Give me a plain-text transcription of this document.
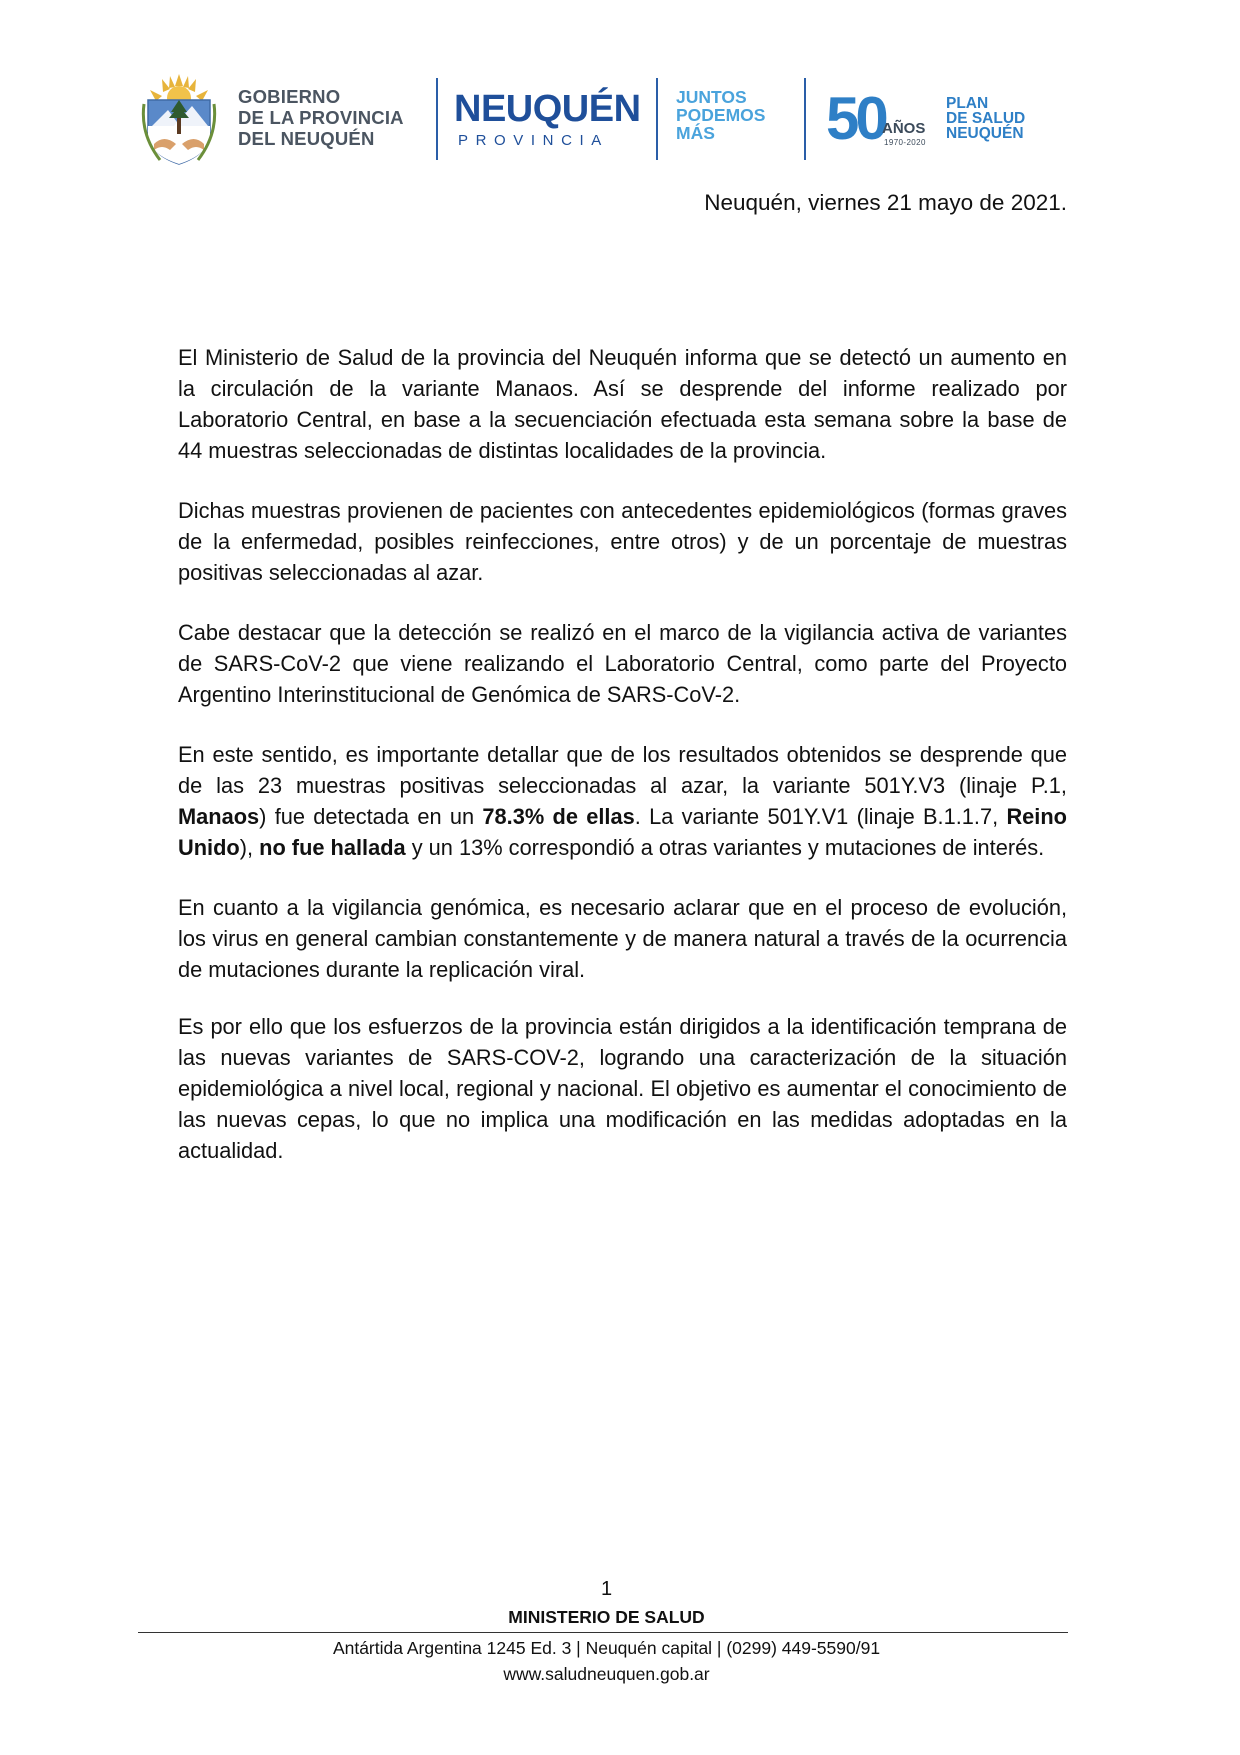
GOBIERNO
DE LA PROVINCIA
DEL NEUQUÉN
NEUQUÉN
PROVINCIA
JUNTOS
PODEMOS
MÁS	50
AÑOS
1970-2020
PLAN
DE SALUD
NEUQUÉN
Neuquén, viernes 21 mayo de 2021.

El Ministerio de Salud de la provincia del Neuquén informa que se detectó un aumento en la circulación de la variante Manaos. Así se desprende del informe realizado por Laboratorio Central, en base a la secuenciación efectuada esta semana sobre la base de 44 muestras seleccionadas de distintas localidades de la provincia.

Dichas muestras provienen de pacientes con antecedentes epidemiológicos (formas graves de la enfermedad, posibles reinfecciones, entre otros) y de un porcentaje de muestras positivas seleccionadas al azar.

Cabe destacar que la detección se realizó en el marco de la vigilancia activa de variantes de SARS-CoV-2 que viene realizando el Laboratorio Central, como parte del Proyecto Argentino Interinstitucional de Genómica de SARS-CoV-2.

En este sentido, es importante detallar que de los resultados obtenidos se desprende que de las 23 muestras positivas seleccionadas al azar, la variante 501Y.V3 (linaje P.1, Manaos) fue detectada en un 78.3% de ellas. La variante 501Y.V1 (linaje B.1.1.7, Reino Unido), no fue hallada y un 13% correspondió a otras variantes y mutaciones de interés.

En cuanto a la vigilancia genómica, es necesario aclarar que en el proceso de evolución, los virus en general cambian constantemente y de manera natural a través de la ocurrencia de mutaciones durante la replicación viral.

Es por ello que los esfuerzos de la provincia están dirigidos a la identificación temprana de las nuevas variantes de SARS-COV-2, logrando una caracterización de la situación epidemiológica a nivel local, regional y nacional. El objetivo es aumentar el conocimiento de las nuevas cepas, lo que no implica una modificación en las medidas adoptadas en la actualidad.

1
MINISTERIO DE SALUD
Antártida Argentina 1245 Ed. 3 | Neuquén capital | (0299) 449-5590/91
www.saludneuquen.gob.ar
